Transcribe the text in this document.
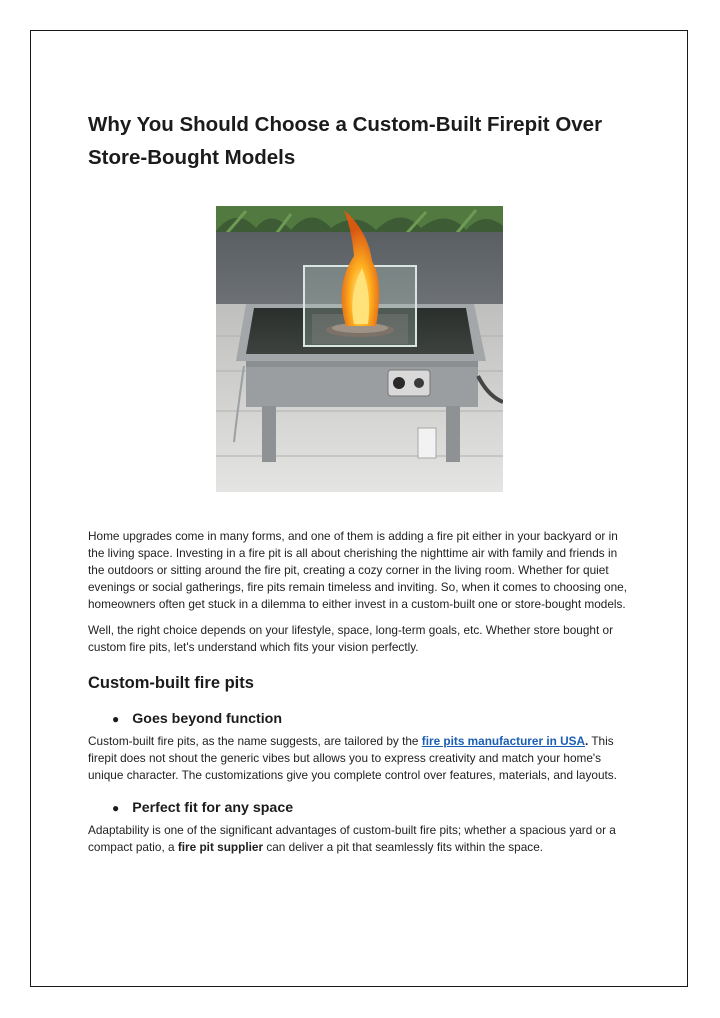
Why You Should Choose a Custom-Built Firepit Over Store-Bought Models

Home upgrades come in many forms, and one of them is adding a fire pit either in your backyard or in the living space. Investing in a fire pit is all about cherishing the nighttime air with family and friends in the outdoors or sitting around the fire pit, creating a cozy corner in the living room. Whether for quiet evenings or social gatherings, fire pits remain timeless and inviting. So, when it comes to choosing one, homeowners often get stuck in a dilemma to either invest in a custom-built one or store-bought models.

Well, the right choice depends on your lifestyle, space, long-term goals, etc. Whether store bought or custom fire pits, let's understand which fits your vision perfectly.

Custom-built fire pits
● Goes beyond function

Custom-built fire pits, as the name suggests, are tailored by the fire pits manufacturer in USA. This firepit does not shout the generic vibes but allows you to express creativity and match your home's unique character. The customizations give you complete control over features, materials, and layouts.

● Perfect fit for any space

Adaptability is one of the significant advantages of custom-built fire pits; whether a spacious yard or a compact patio, a fire pit supplier can deliver a pit that seamlessly fits within the space.
